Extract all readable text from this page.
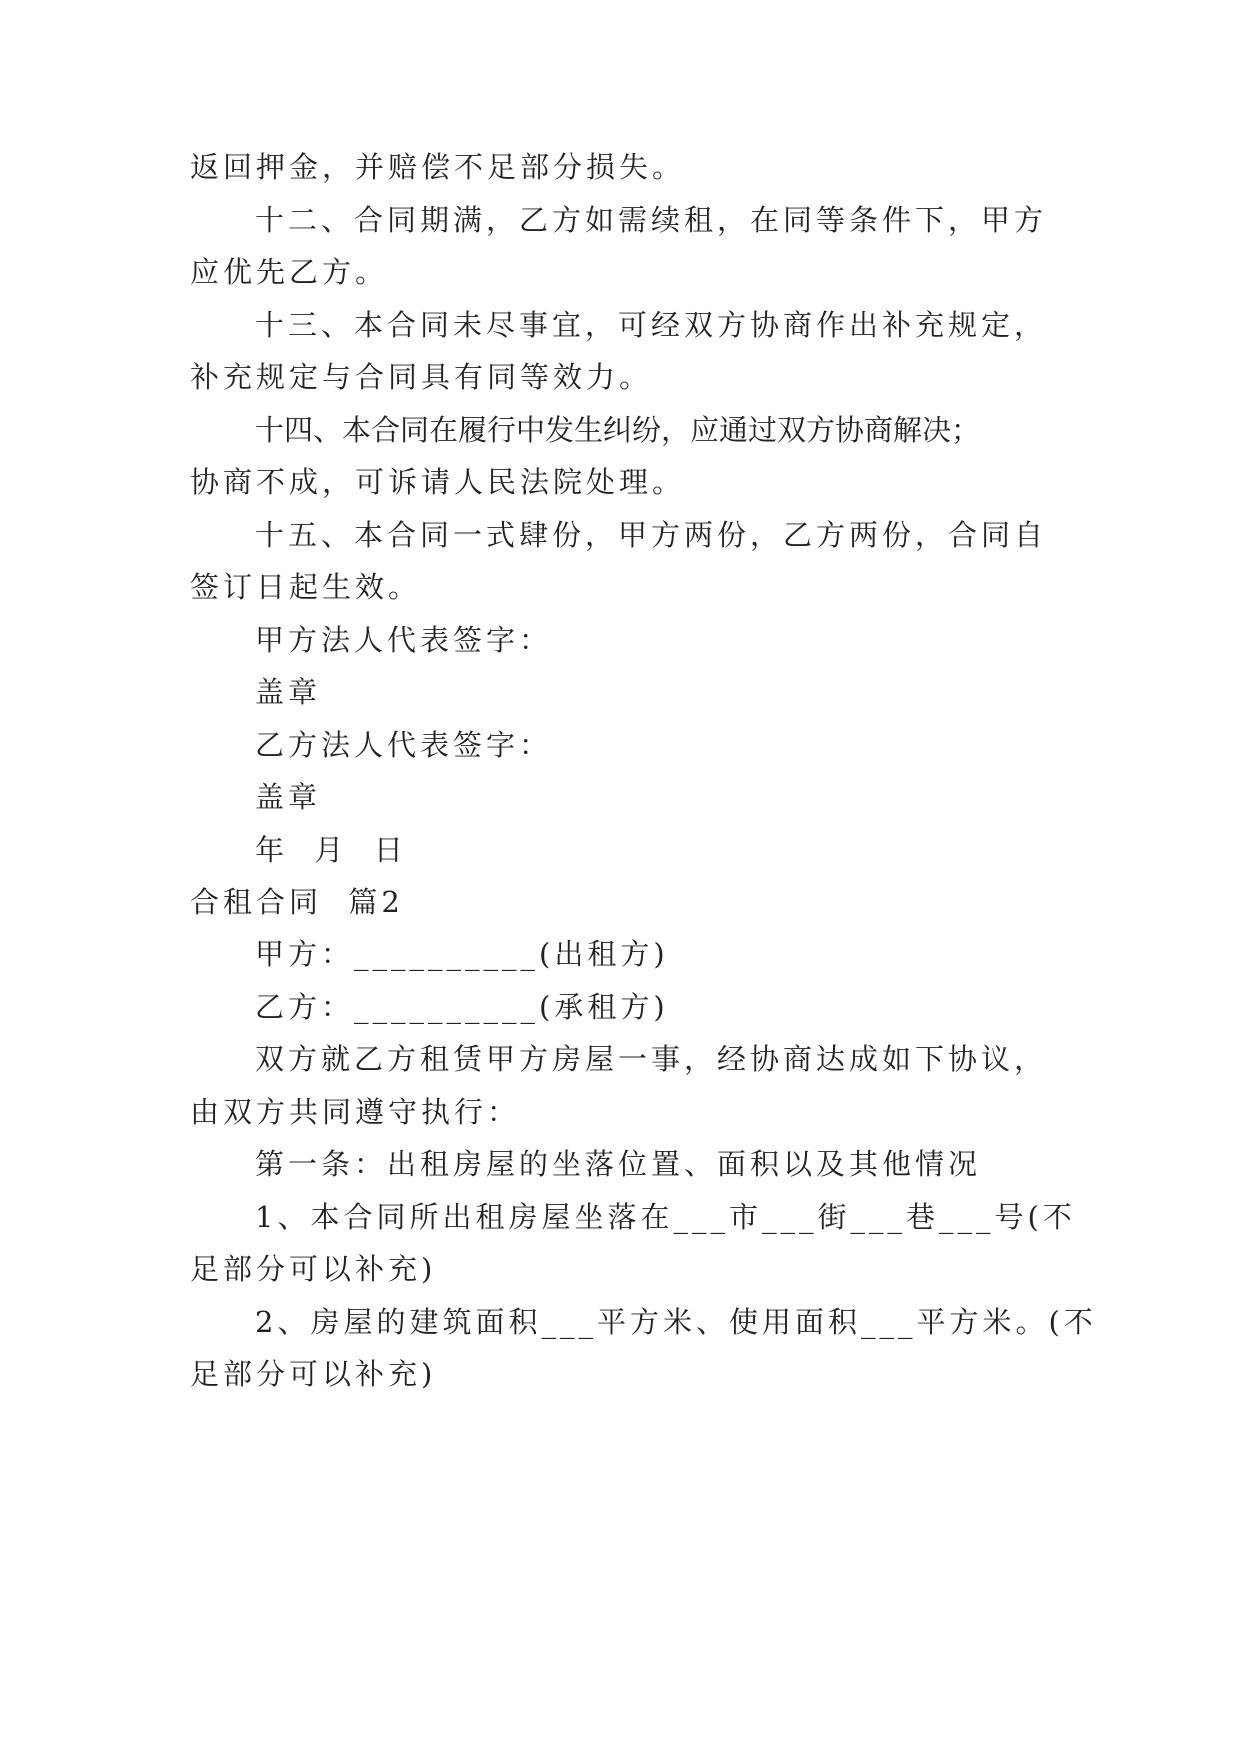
返回押金，并赔偿不足部分损失。
十二、合同期满，乙方如需续租，在同等条件下，甲方
应优先乙方。
十三、本合同未尽事宜，可经双方协商作出补充规定，
补充规定与合同具有同等效力。
十四、本合同在履行中发生纠纷，应通过双方协商解决；
协商不成，可诉请人民法院处理。
十五、本合同一式肆份，甲方两份，乙方两份，合同自
签订日起生效。
甲方法人代表签字：
盖章
乙方法人代表签字：
盖章
年  月  日
合租合同  篇2
甲方：__________(出租方)
乙方：__________(承租方)
双方就乙方租赁甲方房屋一事，经协商达成如下协议，
由双方共同遵守执行：
第一条：出租房屋的坐落位置、面积以及其他情况
1、本合同所出租房屋坐落在___市___街___巷___号(不
足部分可以补充)
2、房屋的建筑面积___平方米、使用面积___平方米。(不
足部分可以补充)
